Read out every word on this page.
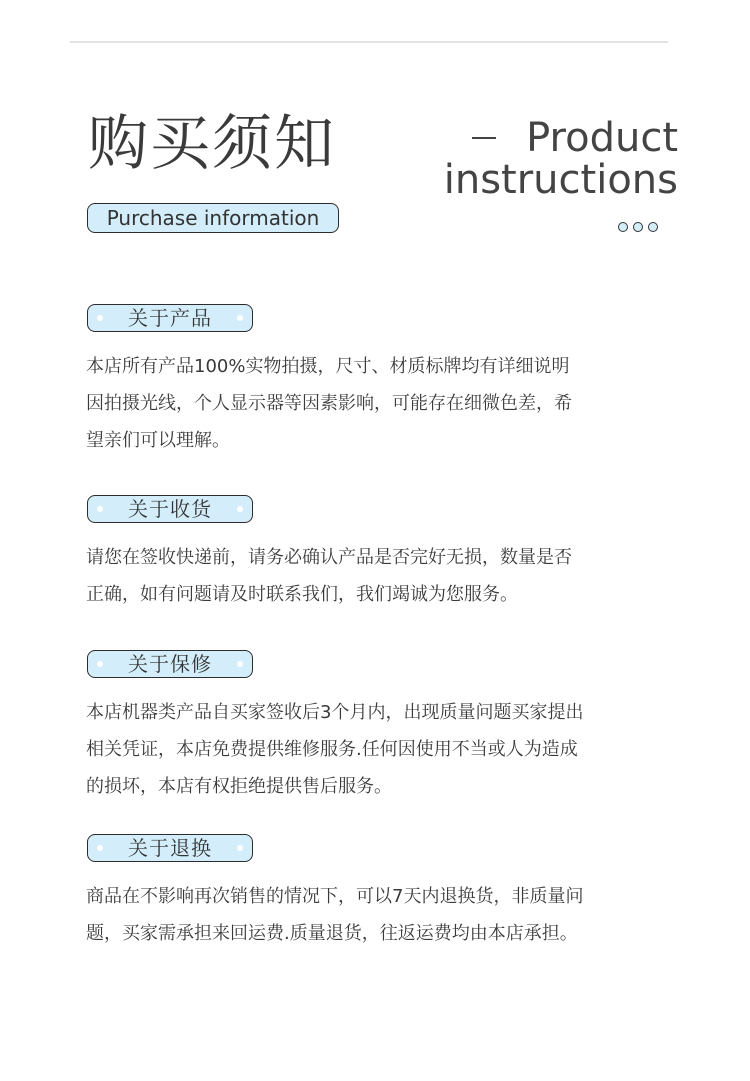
购买须知	Product
instructions
Purchase information
关于产品
本店所有产品100%实物拍摄，尺寸、材质标牌均有详细说明
因拍摄光线，个人显示器等因素影响，可能存在细微色差，希
望亲们可以理解。
关于收货
请您在签收快递前，请务必确认产品是否完好无损，数量是否
正确，如有问题请及时联系我们，我们竭诚为您服务。
关于保修
本店机器类产品自买家签收后3个月内，出现质量问题买家提出
相关凭证，本店免费提供维修服务.任何因使用不当或人为造成
的损坏，本店有权拒绝提供售后服务。
关于退换
商品在不影响再次销售的情况下，可以7天内退换货，非质量问
题，买家需承担来回运费.质量退货，往返运费均由本店承担。
